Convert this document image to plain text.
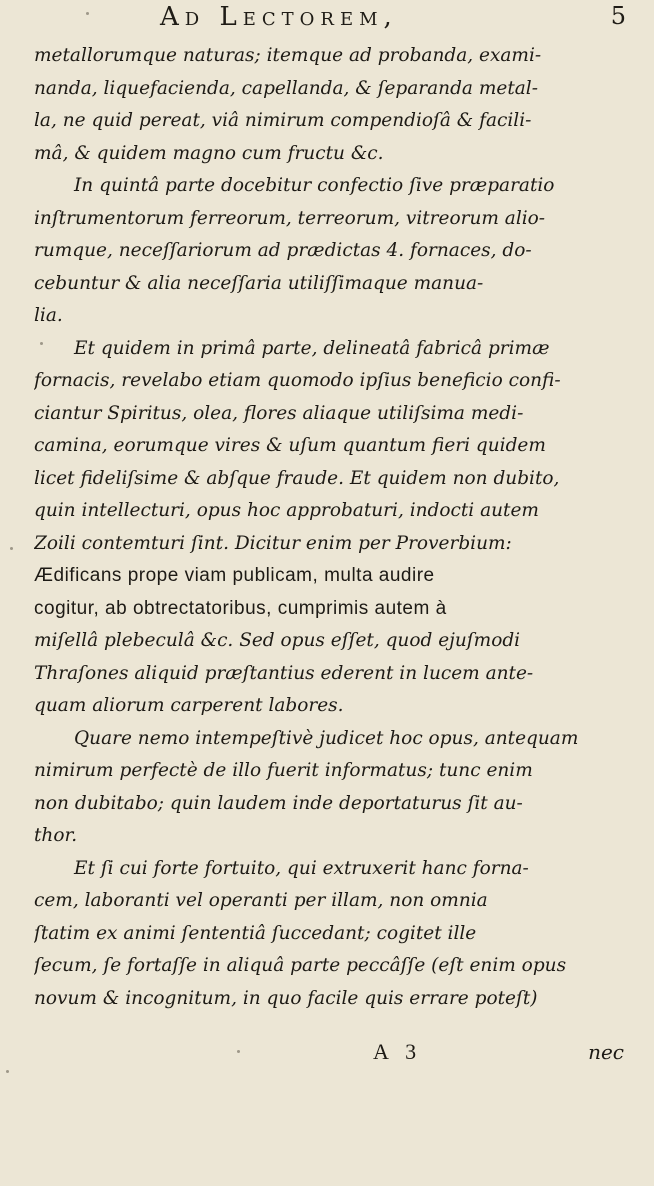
Ad Lectorem,	5
metallorumque naturas; itemque ad probanda, exami-
nanda, liquefacienda, capellanda, & ſeparanda metal-
la, ne quid pereat, viâ nimirum compendioſâ & facili-
mâ, & quidem magno cum fructu &c.
In quintâ parte docebitur confectio ſive præparatio
inſtrumentorum ferreorum, terreorum, vitreorum alio-
rumque, neceſſariorum ad prædictas 4. fornaces, do-
cebuntur & alia neceſſaria utiliſſimaque manua-
lia.
Et quidem in primâ parte, delineatâ fabricâ primæ
fornacis, revelabo etiam quomodo ipſius beneficio confi-
ciantur Spiritus, olea, flores aliaque utiliſsima medi-
camina, eorumque vires & uſum quantum fieri quidem
licet fideliſsime & abſque fraude. Et quidem non dubito,
quin intellecturi, opus hoc approbaturi, indocti autem
Zoili contemturi ſint. Dicitur enim per Proverbium:
Ædificans prope viam publicam, multa audire
cogitur, ab obtrectatoribus, cumprimis autem à
miſellâ plebeculâ &c. Sed opus eſſet, quod ejuſmodi
Thraſones aliquid præſtantius ederent in lucem ante-
quam aliorum carperent labores.
Quare nemo intempeſtivè judicet hoc opus, antequam
nimirum perfectè de illo fuerit informatus; tunc enim
non dubitabo; quin laudem inde deportaturus ſit au-
thor.
Et ſi cui forte fortuito, qui extruxerit hanc forna-
cem, laboranti vel operanti per illam, non omnia
ſtatim ex animi ſententiâ ſuccedant; cogitet ille
ſecum, ſe fortaſſe in aliquâ parte peccâſſe (eſt enim opus
novum & incognitum, in quo facile quis errare poteſt)
A 3	nec
